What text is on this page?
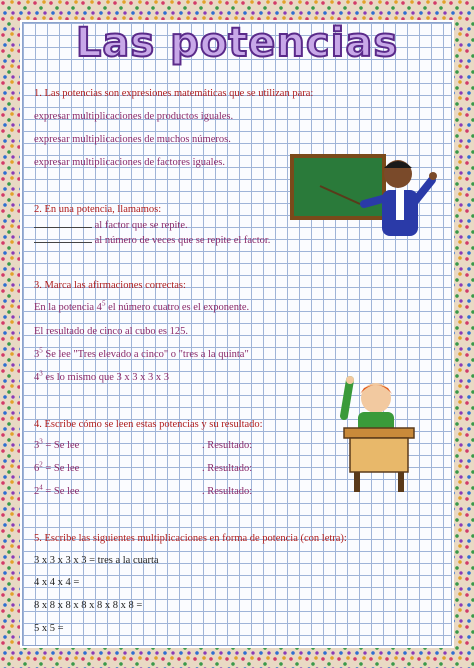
Las potencias
1. Las potencias son expresiones matemáticas que se utilizan para:
expresar multiplicaciones de productos iguales.
expresar multiplicaciones de muchos números.
expresar multiplicaciones de factores iguales.
2. En una potencia, llamamos:
al factor que se repite.
al número de veces que se repite el factor.
3. Marca las afirmaciones correctas:
En la potencia $4^5$ el número cuatro es el exponente.
El resultado de cinco al cubo es 125.
$3^5$ Se lee "Tres elevado a cinco" o "tres a la quinta"
$4^3$ es lo mismo que 3 x 3 x 3 x 3
4. Escribe cómo se leen estas potencias y su resultado:
$3^3 = Se$ lee	. Resultado:
$6^2 = Se$ lee	. Resultado:
$2^4 = Se$ lee	. Resultado:
5. Escribe las siguientes multiplicaciones en forma de potencia (con letra):
3 x 3 x 3 x 3 = tres a la cuarta
4 x 4 x 4 =
8 x 8 x 8 x 8 x 8 x 8 x 8 =
5 x 5 =
